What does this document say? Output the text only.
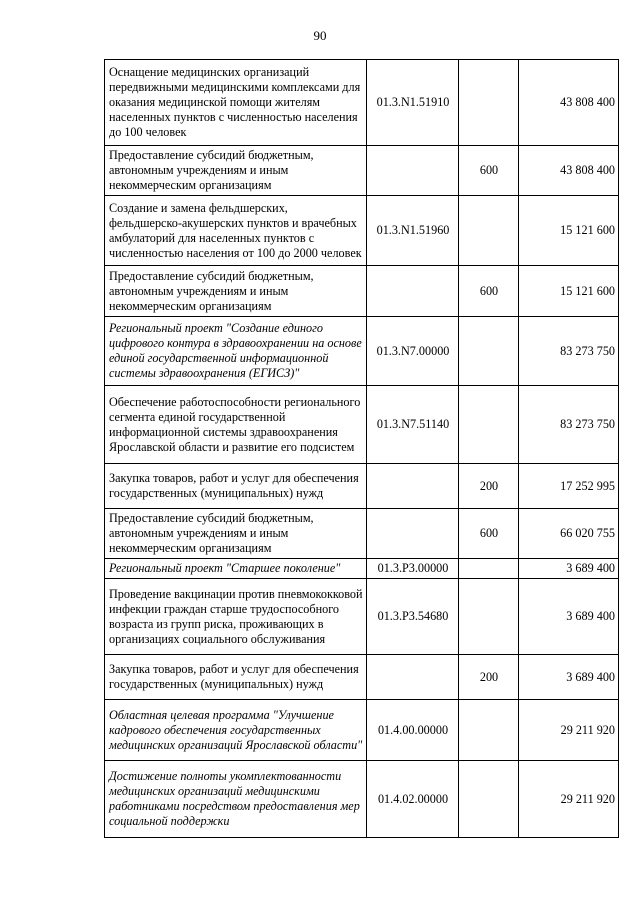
90
Оснащение медицинских организаций передвижными медицинскими комплексами для оказания медицинской помощи жителям населенных пунктов с численностью населения до 100 человек	01.3.N1.51910		43 808 400
Предоставление субсидий бюджетным, автономным учреждениям и иным некоммерческим организациям		600	43 808 400
Создание и замена фельдшерских, фельдшерско-акушерских пунктов и врачебных амбулаторий для населенных пунктов с численностью населения от 100 до 2000 человек	01.3.N1.51960		15 121 600
Предоставление субсидий бюджетным, автономным учреждениям и иным некоммерческим организациям		600	15 121 600
Региональный проект "Создание единого цифрового контура в здравоохранении на основе единой государственной информационной системы здравоохранения (ЕГИСЗ)"	01.3.N7.00000		83 273 750
Обеспечение работоспособности регионального сегмента единой государственной информационной системы здравоохранения Ярославской области и развитие его подсистем	01.3.N7.51140		83 273 750
Закупка товаров, работ и услуг для обеспечения государственных (муниципальных) нужд		200	17 252 995
Предоставление субсидий бюджетным, автономным учреждениям и иным некоммерческим организациям		600	66 020 755
Региональный проект "Старшее поколение"	01.3.P3.00000		3 689 400
Проведение вакцинации против пневмококковой инфекции граждан старше трудоспособного возраста из групп риска, проживающих в организациях социального обслуживания	01.3.P3.54680		3 689 400
Закупка товаров, работ и услуг для обеспечения государственных (муниципальных) нужд		200	3 689 400
Областная целевая программа "Улучшение кадрового обеспечения государственных медицинских организаций Ярославской области"	01.4.00.00000		29 211 920
Достижение полноты укомплектованности медицинских организаций медицинскими работниками посредством предоставления мер социальной поддержки	01.4.02.00000		29 211 920
